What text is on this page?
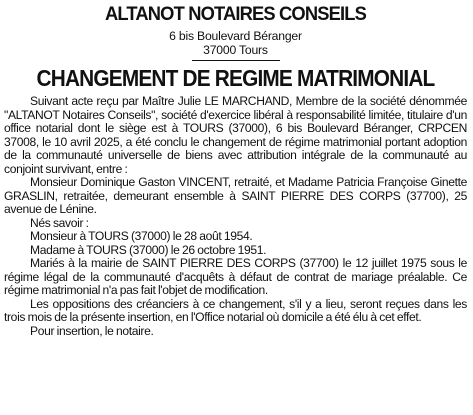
ALTANOT NOTAIRES CONSEILS
6 bis Boulevard Béranger
37000 Tours
CHANGEMENT DE REGIME MATRIMONIAL

Suivant acte reçu par Maître Julie LE MARCHAND, Membre de la société dénommée "ALTANOT Notaires Conseils", société d'exercice libéral à responsabilité limitée, titulaire d'un office notarial dont le siège est à TOURS (37000), 6 bis Boulevard Béranger, CRPCEN 37008, le 10 avril 2025, a été conclu le changement de régime matrimonial portant adoption de la communauté universelle de biens avec attribution intégrale de la communauté au conjoint survivant, entre :

Monsieur Dominique Gaston VINCENT, retraité, et Madame Patricia Françoise Ginette GRASLIN, retraitée, demeurant ensemble à SAINT PIERRE DES CORPS (37700), 25 avenue de Lénine.

Nés savoir :

Monsieur à TOURS (37000) le 28 août 1954.

Madame à TOURS (37000) le 26 octobre 1951.

Mariés à la mairie de SAINT PIERRE DES CORPS (37700) le 12 juillet 1975 sous le régime légal de la communauté d'acquêts à défaut de contrat de mariage préalable. Ce régime matrimonial n'a pas fait l'objet de modification.

Les oppositions des créanciers à ce changement, s'il y a lieu, seront reçues dans les trois mois de la présente insertion, en l'Office notarial où domicile a été élu à cet effet.

Pour insertion, le notaire.
